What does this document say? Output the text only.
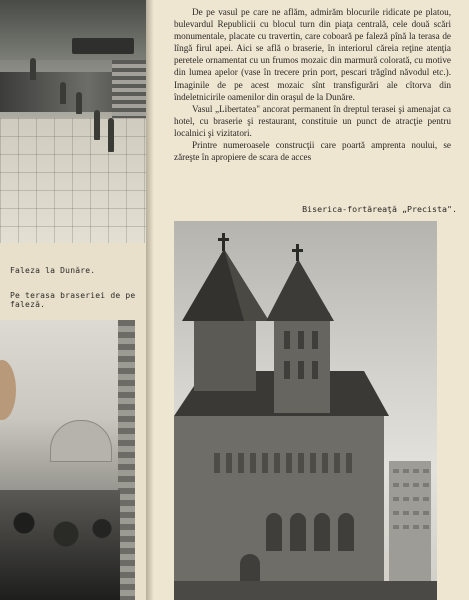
Faleza la Dunăre.
Pe terasa braseriei de pe faleză.

De pe vasul pe care ne aflăm, admirăm blocurile ridicate pe platou, bulevardul Republicii cu blocul turn din piaţa centrală, cele două scări monumentale, placate cu travertin, care coboară pe faleză pînă la terasa de lîngă firul apei. Aici se află o braserie, în interiorul căreia reţine atenţia peretele ornamentat cu un frumos mozaic din marmură colorată, cu motive din lumea apelor (vase în trecere prin port, pescari trăgînd năvodul etc.). Imaginile de pe acest mozaic sînt transfigurări ale cîtorva din îndeletnicirile oamenilor din oraşul de la Dunăre.

Vasul „Libertatea" ancorat permanent în dreptul terasei şi amenajat ca hotel, cu braserie şi restaurant, constituie un punct de atracţie pentru localnici şi vizitatori.

Printre numeroasele construcţii care poartă amprenta noului, se zăreşte în apropiere de scara de acces

Biserica-fortăreaţă „Precista".
